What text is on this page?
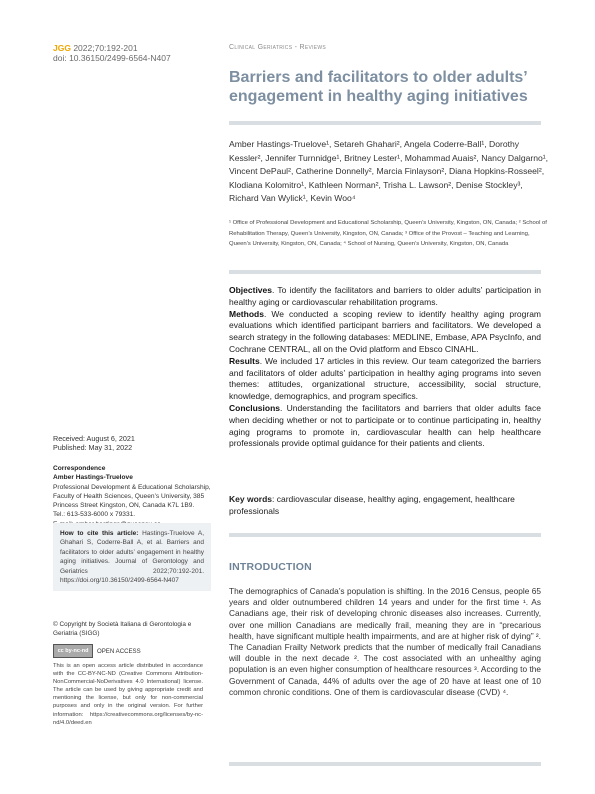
JGG 2022;70:192-201
doi: 10.36150/2499-6564-N407
Clinical Geriatrics - Reviews
Barriers and facilitators to older adults’ engagement in healthy aging initiatives
Amber Hastings-Truelove¹, Setareh Ghahari², Angela Coderre-Ball¹, Dorothy Kessler², Jennifer Turnnidge¹, Britney Lester¹, Mohammad Auais², Nancy Dalgarno¹, Vincent DePaul², Catherine Donnelly², Marcia Finlayson², Diana Hopkins-Rosseel², Klodiana Kolomitro¹, Kathleen Norman², Trisha L. Lawson², Denise Stockley³, Richard Van Wylick¹, Kevin Woo⁴
¹ Office of Professional Development and Educational Scholarship, Queen’s University, Kingston, ON, Canada; ² School of Rehabilitation Therapy, Queen’s University, Kingston, ON, Canada; ³ Office of the Provost – Teaching and Learning, Queen’s University, Kingston, ON, Canada; ⁴ School of Nursing, Queen’s University, Kingston, ON, Canada

Objectives. To identify the facilitators and barriers to older adults’ participation in healthy aging or cardiovascular rehabilitation programs.

Methods. We conducted a scoping review to identify healthy aging program evaluations which identified participant barriers and facilitators. We developed a search strategy in the following databases: MEDLINE, Embase, APA PsycInfo, and Cochrane CENTRAL, all on the Ovid platform and Ebsco CINAHL.

Results. We included 17 articles in this review. Our team categorized the barriers and facilitators of older adults’ participation in healthy aging programs into seven themes: attitudes, organizational structure, accessibility, social structure, knowledge, demographics, and program specifics.

Conclusions. Understanding the facilitators and barriers that older adults face when deciding whether or not to participate or to continue participating in, healthy aging programs to promote in, cardiovascular health can help healthcare professionals provide optimal guidance for their patients and clients.

Key words: cardiovascular disease, healthy aging, engagement, healthcare professionals
INTRODUCTION
The demographics of Canada’s population is shifting. In the 2016 Census, people 65 years and older outnumbered children 14 years and under for the first time ¹. As Canadians age, their risk of developing chronic diseases also increases. Currently, over one million Canadians are medically frail, meaning they are in “precarious health, have significant multiple health impairments, and are at higher risk of dying” ². The Canadian Frailty Network predicts that the number of medically frail Canadians will double in the next decade ². The cost associated with an unhealthy aging population is an even higher consumption of healthcare resources ³. According to the Government of Canada, 44% of adults over the age of 20 have at least one of 10 common chronic conditions. One of them is cardiovascular disease (CVD) ⁴.
Received: August 6, 2021
Published: May 31, 2022
Correspondence
Amber Hastings-Truelove
Professional Development & Educational Scholarship, Faculty of Health Sciences, Queen’s University, 385 Princess Street Kingston, ON, Canada K7L 1B9.
Tel.: 613-533-6000 x 79331.
How to cite this article: Hastings-Truelove A, Ghahari S, Coderre-Ball A, et al. Barriers and facilitators to older adults’ engagement in healthy aging initiatives. Journal of Gerontology and Geriatrics 2022;70:192-201. https://doi.org/10.36150/2499-6564-N407
© Copyright by Società Italiana di Gerontologia e Geriatria (SIGG)
cc by-nc-nd	OPEN ACCESS
This is an open access article distributed in accordance with the CC-BY-NC-ND (Creative Commons Attribution-NonCommercial-NoDerivatives 4.0 International) license. The article can be used by giving appropriate credit and mentioning the license, but only for non-commercial purposes and only in the original version. For further information: https://creativecommons.org/licenses/by-nc-nd/4.0/deed.en
